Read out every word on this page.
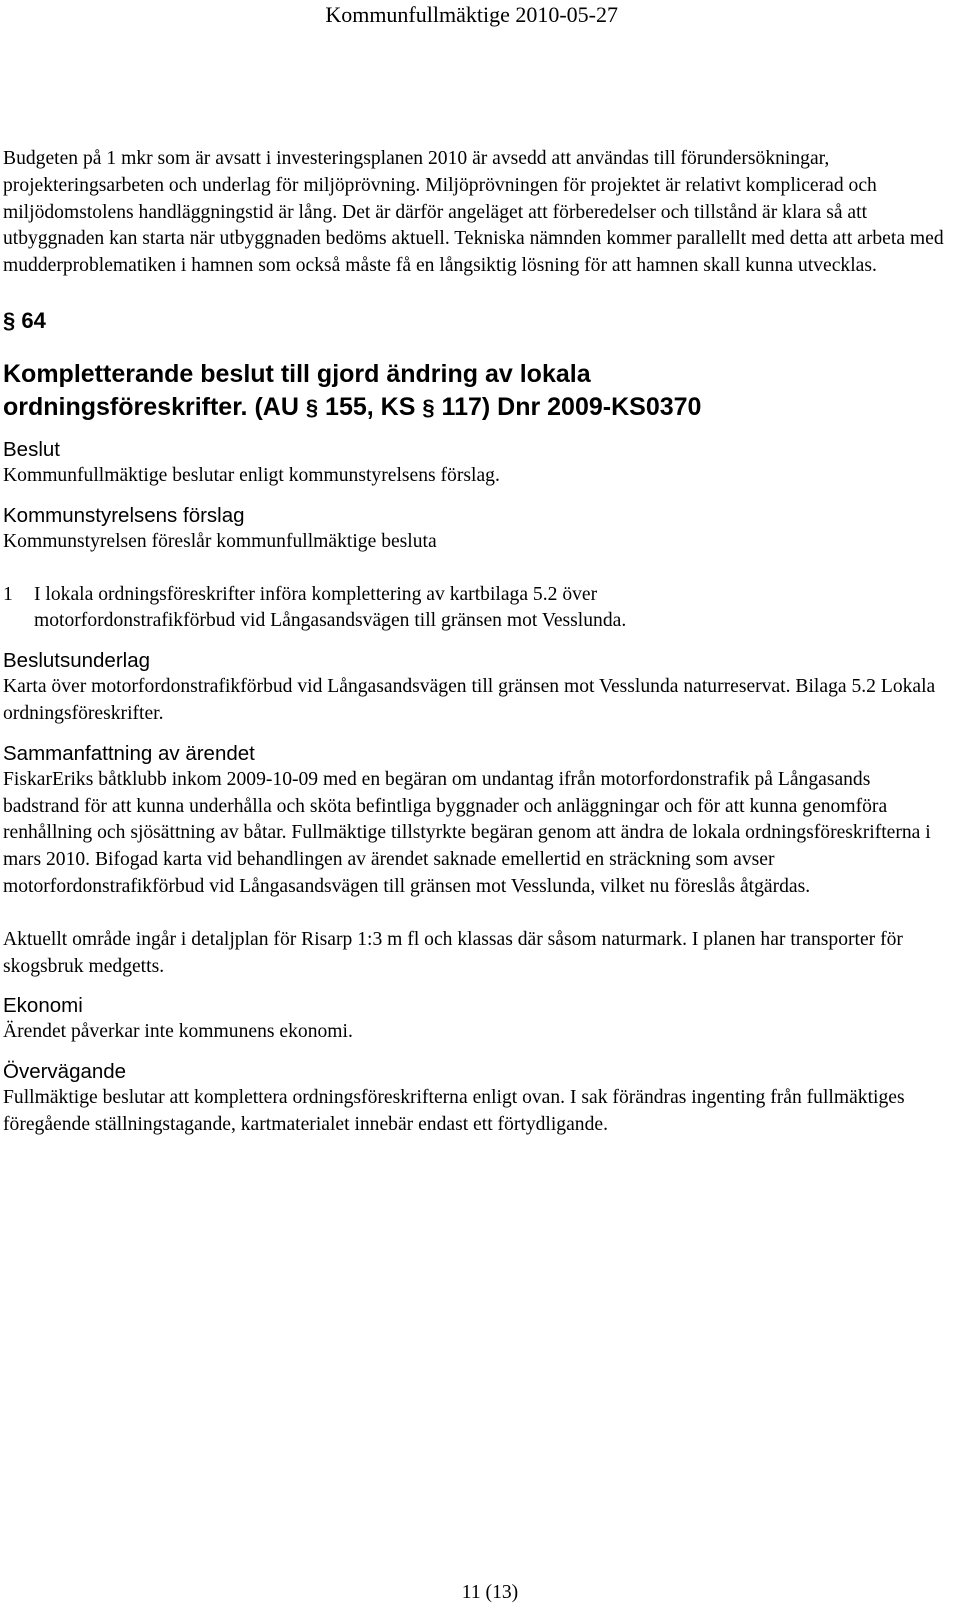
Kommunfullmäktige 2010-05-27

Budgeten på 1 mkr som är avsatt i investeringsplanen 2010 är avsedd att användas till förundersökningar, projekteringsarbeten och underlag för miljöprövning. Miljöprövningen för projektet är relativt komplicerad och miljödomstolens handläggningstid är lång. Det är därför angeläget att förberedelser och tillstånd är klara så att utbyggnaden kan starta när utbyggnaden bedöms aktuell. Tekniska nämnden kommer parallellt med detta att arbeta med mudderproblematiken i hamnen som också måste få en långsiktig lösning för att hamnen skall kunna utvecklas.

§ 64

Kompletterande beslut till gjord ändring av lokala
ordningsföreskrifter. (AU § 155, KS § 117) Dnr 2009-KS0370

Beslut

Kommunfullmäktige beslutar enligt kommunstyrelsens förslag.

Kommunstyrelsens förslag

Kommunstyrelsen föreslår kommunfullmäktige besluta

1	I lokala ordningsföreskrifter införa komplettering av kartbilaga 5.2 över
motorfordonstrafikförbud vid Långasandsvägen till gränsen mot Vesslunda.
Beslutsunderlag

Karta över motorfordonstrafikförbud vid Långasandsvägen till gränsen mot Vesslunda naturreservat. Bilaga 5.2 Lokala ordningsföreskrifter.

Sammanfattning av ärendet

FiskarEriks båtklubb inkom 2009-10-09 med en begäran om undantag ifrån motorfordonstrafik på Långasands badstrand för att kunna underhålla och sköta befintliga byggnader och anläggningar och för att kunna genomföra renhållning och sjösättning av båtar. Fullmäktige tillstyrkte begäran genom att ändra de lokala ordningsföreskrifterna i mars 2010. Bifogad karta vid behandlingen av ärendet saknade emellertid en sträckning som avser motorfordonstrafikförbud vid Långasandsvägen till gränsen mot Vesslunda, vilket nu föreslås åtgärdas.

Aktuellt område ingår i detaljplan för Risarp 1:3 m fl och klassas där såsom naturmark. I planen har transporter för skogsbruk medgetts.

Ekonomi

Ärendet påverkar inte kommunens ekonomi.

Övervägande

Fullmäktige beslutar att komplettera ordningsföreskrifterna enligt ovan. I sak förändras ingenting från fullmäktiges föregående ställningstagande, kartmaterialet innebär endast ett förtydligande.

11 (13)
